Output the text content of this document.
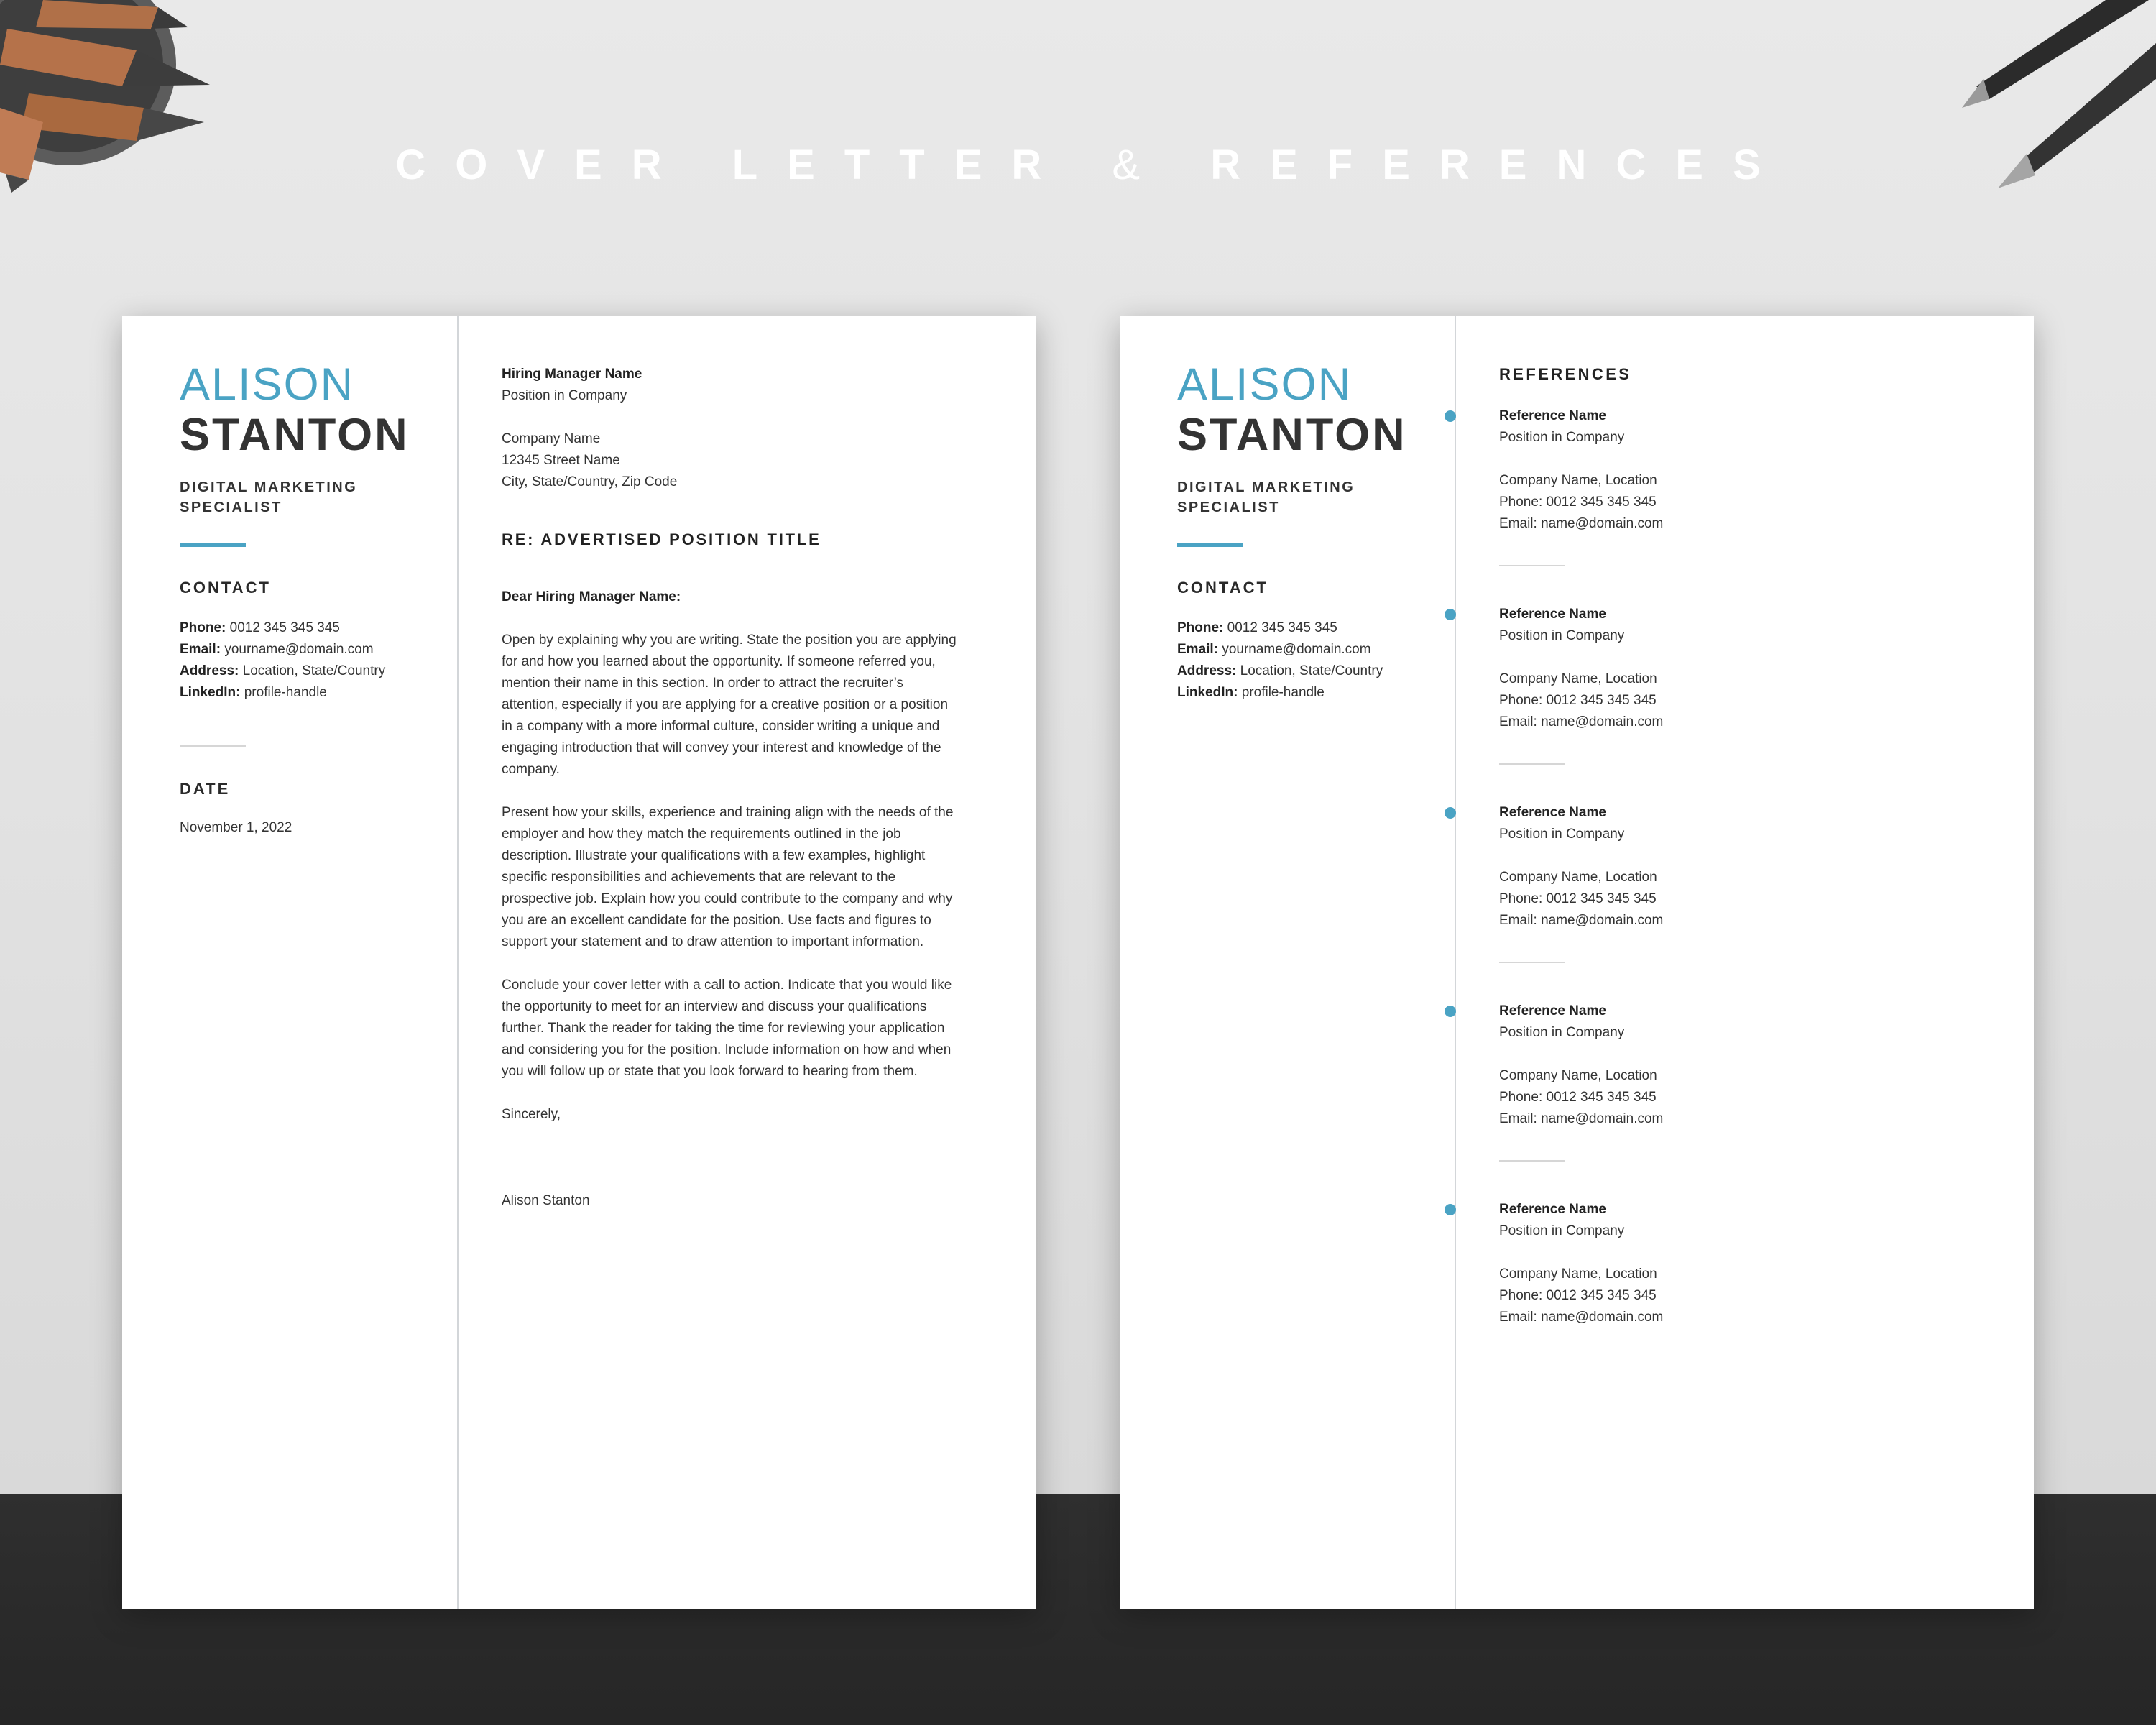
COVER LETTER & REFERENCES
ALISON
STANTON
DIGITAL MARKETING
SPECIALIST
CONTACT
Phone: 0012 345 345 345
Email: yourname@domain.com
Address: Location, State/Country
LinkedIn: profile-handle
DATE
November 1, 2022
Hiring Manager Name
Position in Company
Company Name
12345 Street Name
City, State/Country, Zip Code
RE: ADVERTISED POSITION TITLE
Dear Hiring Manager Name:

Open by explaining why you are writing. State the position you are applying
for and how you learned about the opportunity. If someone referred you,
mention their name in this section. In order to attract the recruiter’s
attention, especially if you are applying for a creative position or a position
in a company with a more informal culture, consider writing a unique and
engaging introduction that will convey your interest and knowledge of the
company.

Present how your skills, experience and training align with the needs of the
employer and how they match the requirements outlined in the job
description. Illustrate your qualifications with a few examples, highlight
specific responsibilities and achievements that are relevant to the
prospective job. Explain how you could contribute to the company and why
you are an excellent candidate for the position. Use facts and figures to
support your statement and to draw attention to important information.

Conclude your cover letter with a call to action. Indicate that you would like
the opportunity to meet for an interview and discuss your qualifications
further. Thank the reader for taking the time for reviewing your application
and considering you for the position. Include information on how and when
you will follow up or state that you look forward to hearing from them.

Sincerely,
Alison Stanton
ALISON
STANTON
DIGITAL MARKETING
SPECIALIST
CONTACT
Phone: 0012 345 345 345
Email: yourname@domain.com
Address: Location, State/Country
LinkedIn: profile-handle
REFERENCES
Reference Name
Position in Company
Company Name, Location
Phone: 0012 345 345 345
Email: name@domain.com
Reference Name
Position in Company
Company Name, Location
Phone: 0012 345 345 345
Email: name@domain.com
Reference Name
Position in Company
Company Name, Location
Phone: 0012 345 345 345
Email: name@domain.com
Reference Name
Position in Company
Company Name, Location
Phone: 0012 345 345 345
Email: name@domain.com
Reference Name
Position in Company
Company Name, Location
Phone: 0012 345 345 345
Email: name@domain.com
